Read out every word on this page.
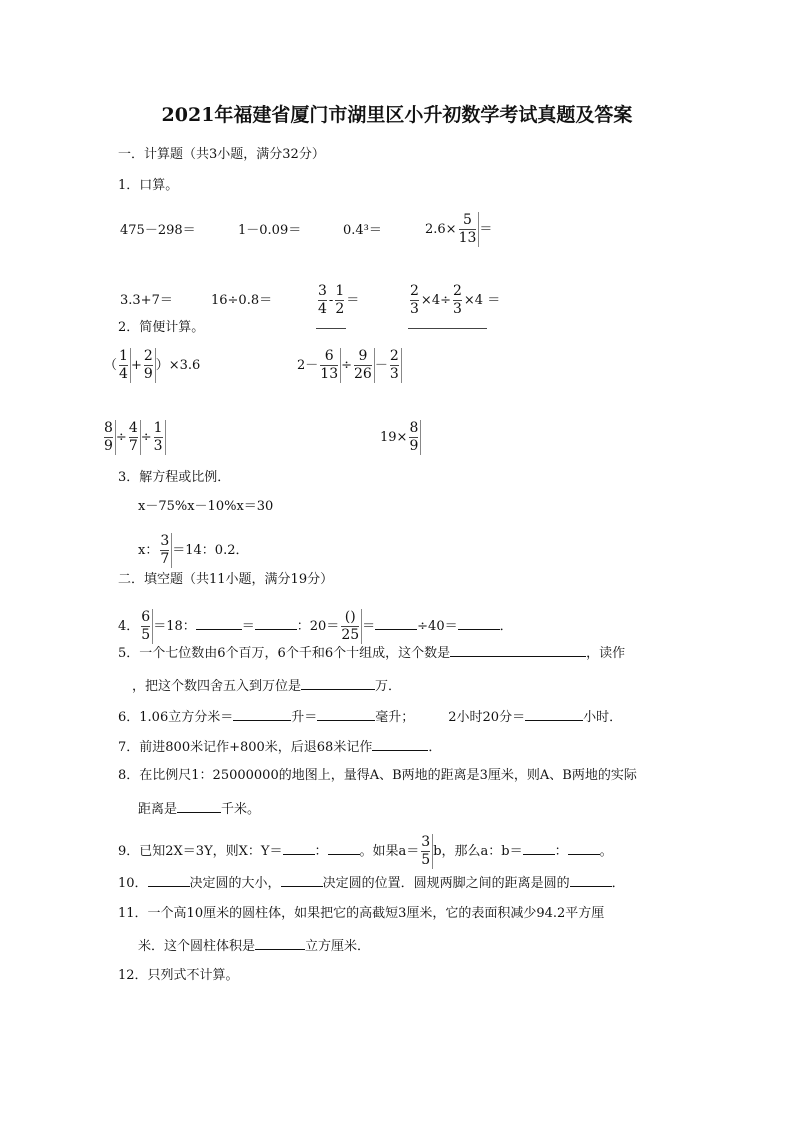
2021年福建省厦门市湖里区小升初数学考试真题及答案
一．计算题（共3小题，满分32分）
1．口算。
475－298＝	1－0.09＝	0.4³＝	$2.6\times \frac{5}{13}$ ＝
3.3+7＝	16÷0.8＝	$\frac{3}{4} - \frac{1}{2}$ ＝	$\frac{2}{3} \times 4\div \frac{2}{3} \times 4$ ＝
2．简便计算。
（ $\frac{1}{4} + \frac{2}{9} )\times 3.6$	$2- \frac{6}{13} \div \frac{9}{26} - \frac{2}{3}$
$\frac{8}{9} \div \frac{4}{7} \div \frac{1}{3}$	$19\times \frac{8}{9}$
3．解方程或比例．
x－75%x－10%x＝30
x： $\frac{3}{7} =14$：0.2．
二．填空题（共11小题，满分19分）
4． $\frac{6}{5} =18$：	＝	：$20= \frac{()}{25}$ ＝	÷40＝	．
5．一个七位数由6个百万，6个千和6个十组成，这个数是	，读作
，把这个数四舍五入到万位是	万．
6．1.06立方分米＝	升＝	毫升；	2小时20分＝	小时．
7．前进800米记作+800米，后退68米记作	．
8．在比例尺1：25000000的地图上，量得A、B两地的距离是3厘米，则A、B两地的实际
距离是	千米。
9．已知2X＝3Y，则X：Y＝ ： 。如果$a= \frac{3}{5}$ b，那么a：b＝ ： 。
10．	决定圆的大小，	决定圆的位置．圆规两脚之间的距离是圆的	．
11．一个高10厘米的圆柱体，如果把它的高截短3厘米，它的表面积减少94.2平方厘
米．这个圆柱体积是	立方厘米．
12．只列式不计算。
